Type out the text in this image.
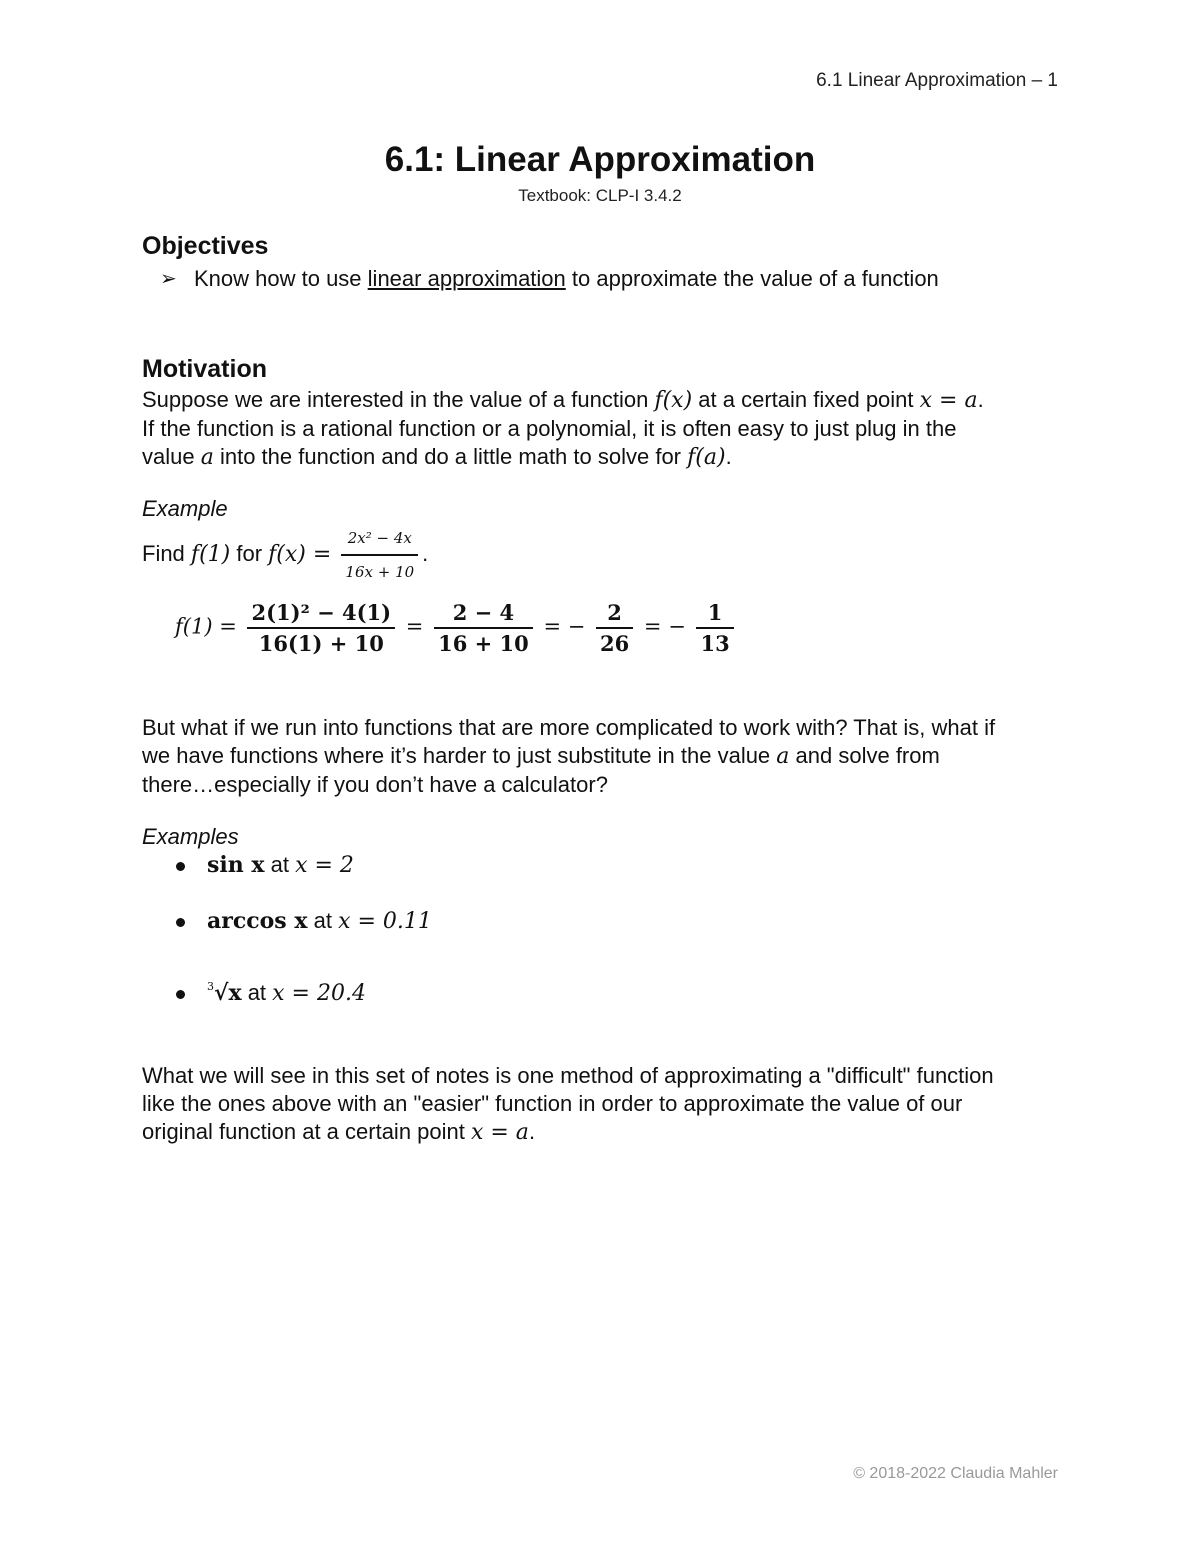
6.1 Linear Approximation – 1
6.1: Linear Approximation
Textbook: CLP-I 3.4.2
Objectives
➢ Know how to use linear approximation to approximate the value of a function
Motivation
Suppose we are interested in the value of a function f(x) at a certain fixed point x = a.
If the function is a rational function or a polynomial, it is often easy to just plug in the
value a into the function and do a little math to solve for f(a).
Example
Find f(1) for $f(x) = \frac{\text{2x² − 4x}}{16x + 10}$ .
$f(1) = \frac{\text{2(1)² − 4(1)}}{16(1) + 10} = \frac{2 - 4}{16 + 10}$ = − $\frac{2}{26}$ = − $\frac{1}{13}$
But what if we run into functions that are more complicated to work with? That is, what if
we have functions where it’s harder to just substitute in the value a and solve from
there…especially if you don’t have a calculator?
Examples
sin x at x = 2
arccos x at x = 0.11
$^3$√x at x = 20.4
What we will see in this set of notes is one method of approximating a "difficult" function
like the ones above with an "easier" function in order to approximate the value of our
original function at a certain point x = a.
© 2018-2022 Claudia Mahler
